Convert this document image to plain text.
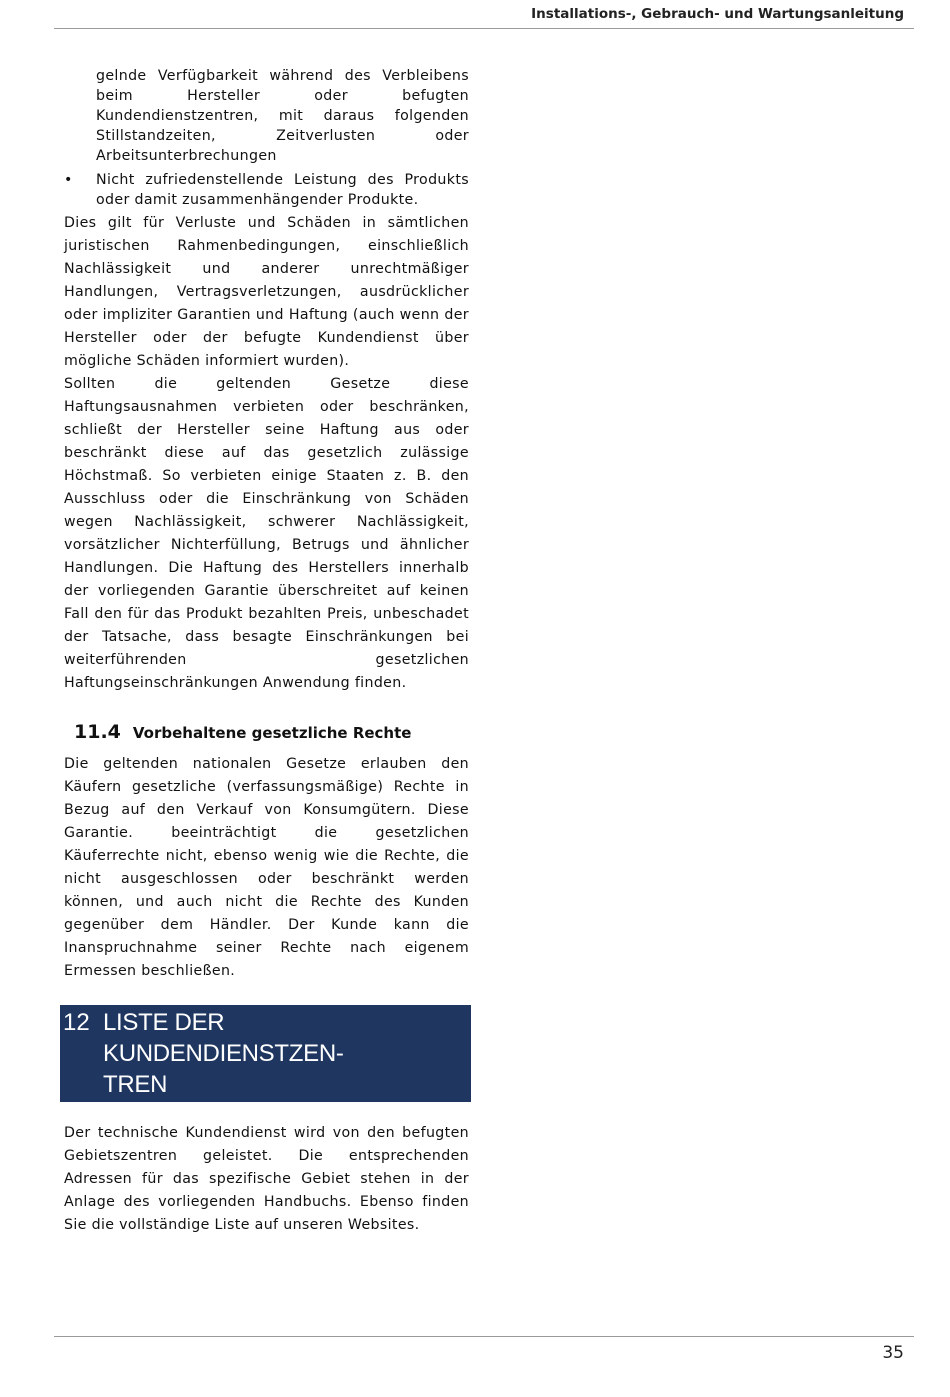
Installations-, Gebrauch- und Wartungsanleitung

gelnde Verfügbarkeit während des Verbleibens beim Hersteller oder befugten Kundendienstzentren, mit daraus folgenden Stillstandzeiten, Zeitverlusten oder Arbeitsunterbrechungen

• Nicht zufriedenstellende Leistung des Produkts oder damit zusammenhängender Produkte.

Dies gilt für Verluste und Schäden in sämtlichen juristischen Rahmenbedingungen, einschließlich Nachlässigkeit und anderer unrechtmäßiger Handlungen, Vertragsverletzungen, ausdrücklicher oder impliziter Garantien und Haftung (auch wenn der Hersteller oder der befugte Kundendienst über mögliche Schäden informiert wurden).

Sollten die geltenden Gesetze diese Haftungsausnahmen verbieten oder beschränken, schließt der Hersteller seine Haftung aus oder beschränkt diese auf das gesetzlich zulässige Höchstmaß. So verbieten einige Staaten z. B. den Ausschluss oder die Einschränkung von Schäden wegen Nachlässigkeit, schwerer Nachlässigkeit, vorsätzlicher Nichterfüllung, Betrugs und ähnlicher Handlungen. Die Haftung des Herstellers innerhalb der vorliegenden Garantie überschreitet auf keinen Fall den für das Produkt bezahlten Preis, unbeschadet der Tatsache, dass besagte Einschränkungen bei weiterführenden gesetzlichen Haftungseinschränkungen Anwendung finden.

11.4 Vorbehaltene gesetzliche Rechte

Die geltenden nationalen Gesetze erlauben den Käufern gesetzliche (verfassungsmäßige) Rechte in Bezug auf den Verkauf von Konsumgütern. Diese Garantie. beeinträchtigt die gesetzlichen Käuferrechte nicht, ebenso wenig wie die Rechte, die nicht ausgeschlossen oder beschränkt werden können, und auch nicht die Rechte des Kunden gegenüber dem Händler. Der Kunde kann die Inanspruchnahme seiner Rechte nach eigenem Ermessen beschließen.

12 LISTE DER KUNDENDIENSTZEN-
TREN

Der technische Kundendienst wird von den befugten Gebietszentren geleistet. Die entsprechenden Adressen für das spezifische Gebiet stehen in der Anlage des vorliegenden Handbuchs. Ebenso finden Sie die vollständige Liste auf unseren Websites.

35
